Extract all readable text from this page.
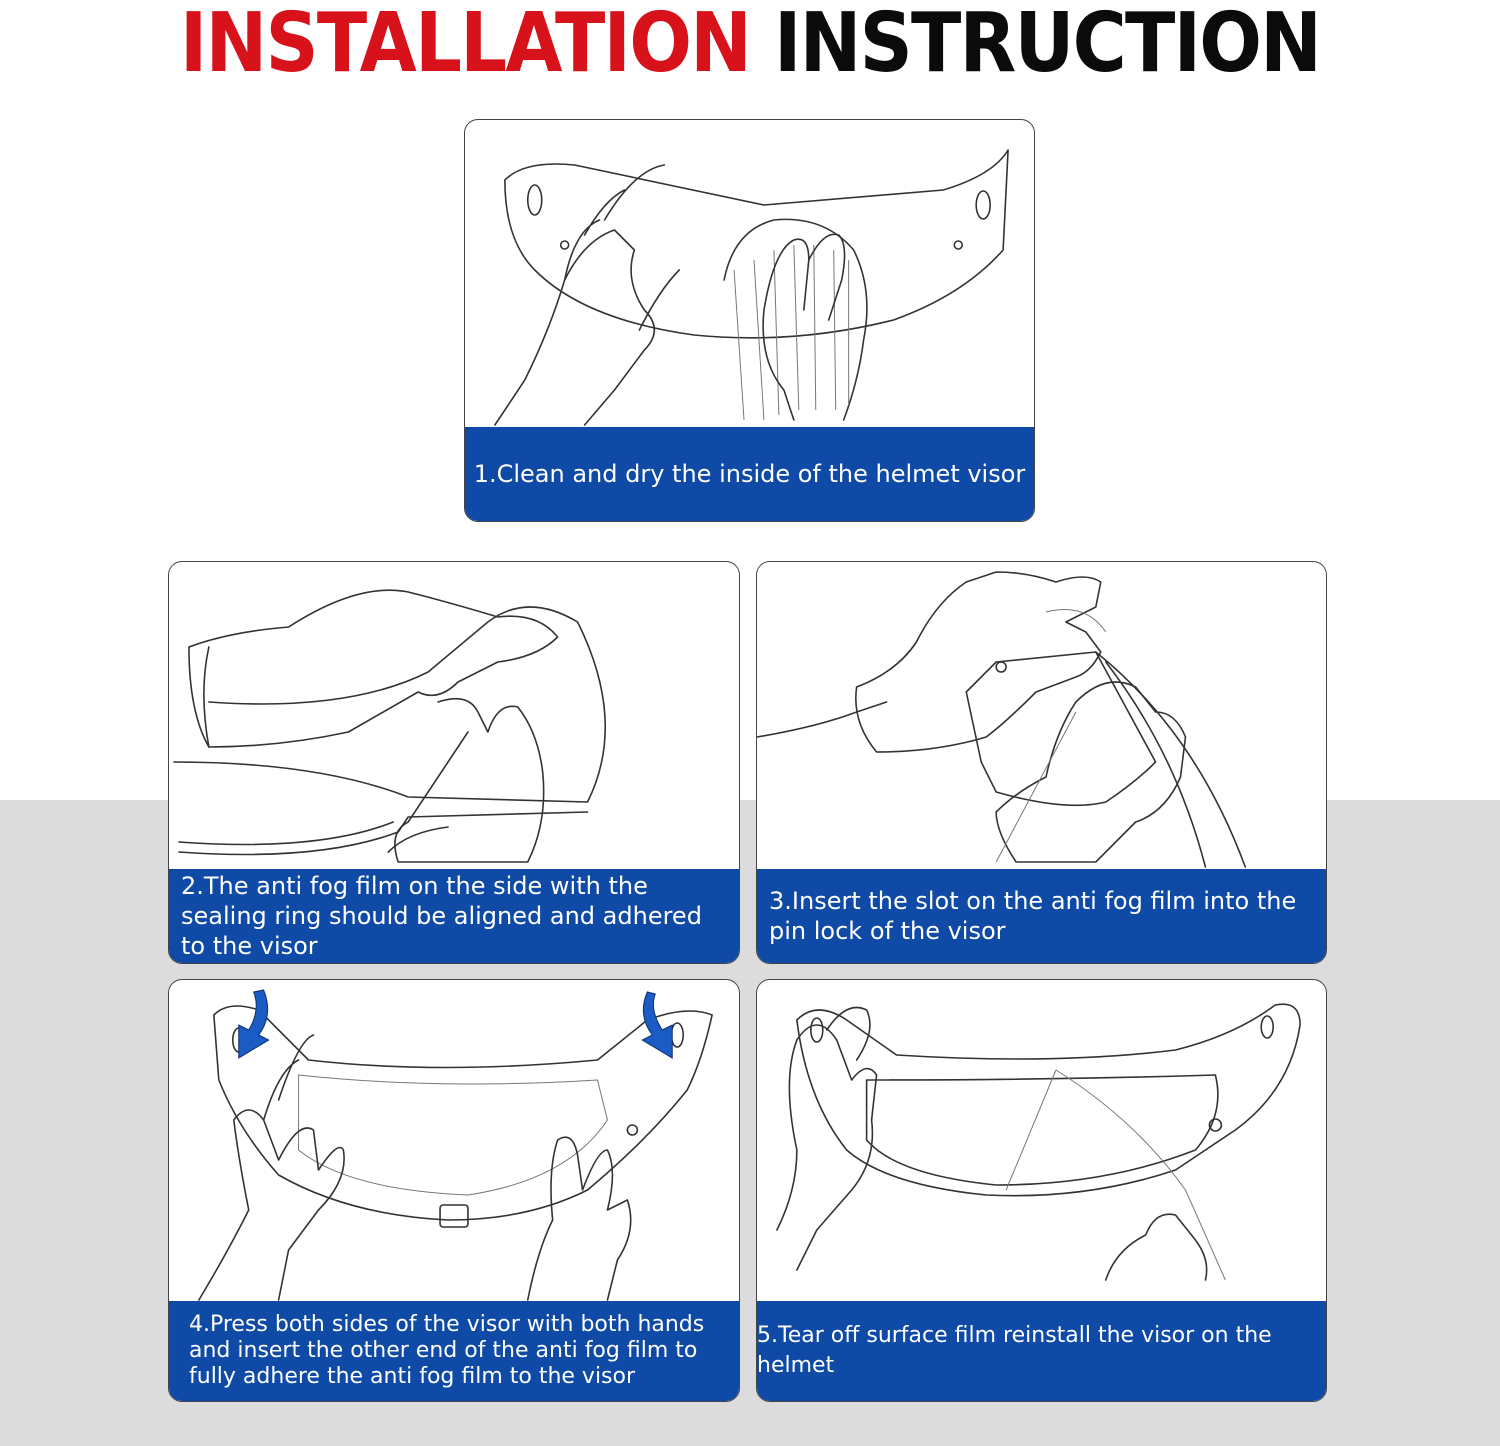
INSTALLATION INSTRUCTION
1.Clean and dry the inside of the helmet visor
2.The anti fog film on the side with the sealing ring should be aligned and adhered to the visor
3.Insert the slot on the anti fog film into the pin lock of the visor
4.Press both sides of the visor with both hands and insert the other end of the anti fog film to fully adhere the anti fog film to the visor
5.Tear off surface film reinstall the visor on the helmet
